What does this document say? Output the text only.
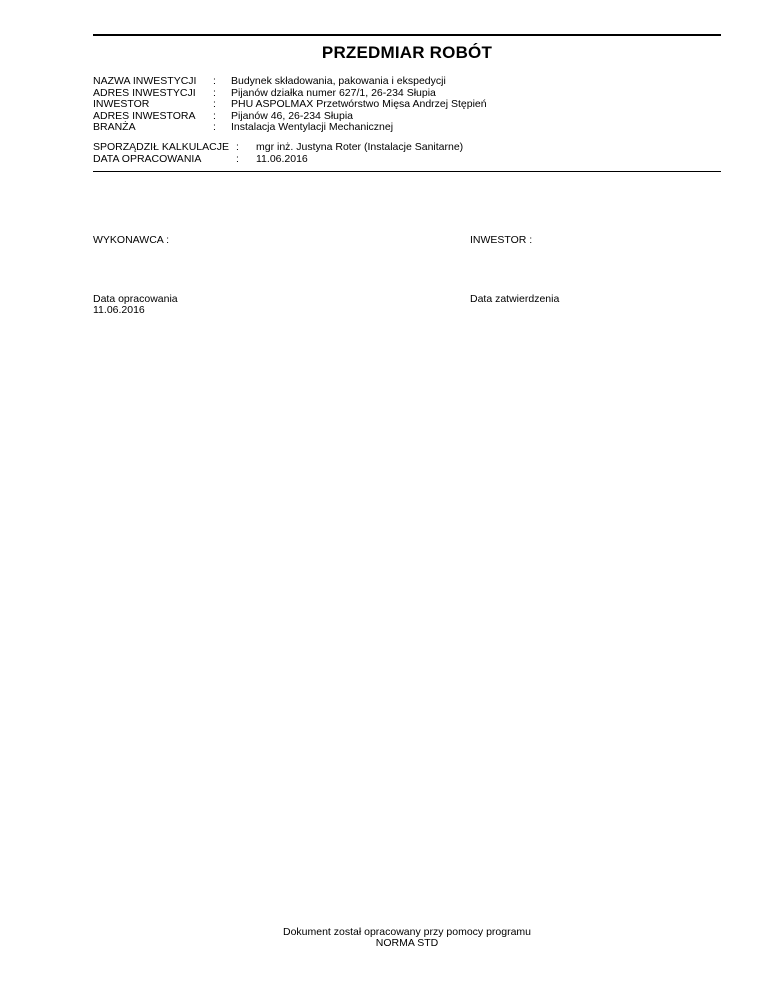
PRZEDMIAR ROBÓT
NAZWA INWESTYCJI : Budynek składowania, pakowania i ekspedycji
ADRES INWESTYCJI : Pijanów działka numer 627/1, 26-234 Słupia
INWESTOR	: PHU ASPOLMAX Przetwórstwo Mięsa Andrzej Stępień
ADRES INWESTORA : Pijanów 46, 26-234 Słupia
BRANŻA	: Instalacja Wentylacji Mechanicznej
SPORZĄDZIŁ KALKULACJE : mgr inż. Justyna Roter (Instalacje Sanitarne)
DATA OPRACOWANIA	: 11.06.2016
WYKONAWCA :	INWESTOR :
Data opracowania
11.06.2016
Data zatwierdzenia
Dokument został opracowany przy pomocy programu
NORMA STD
